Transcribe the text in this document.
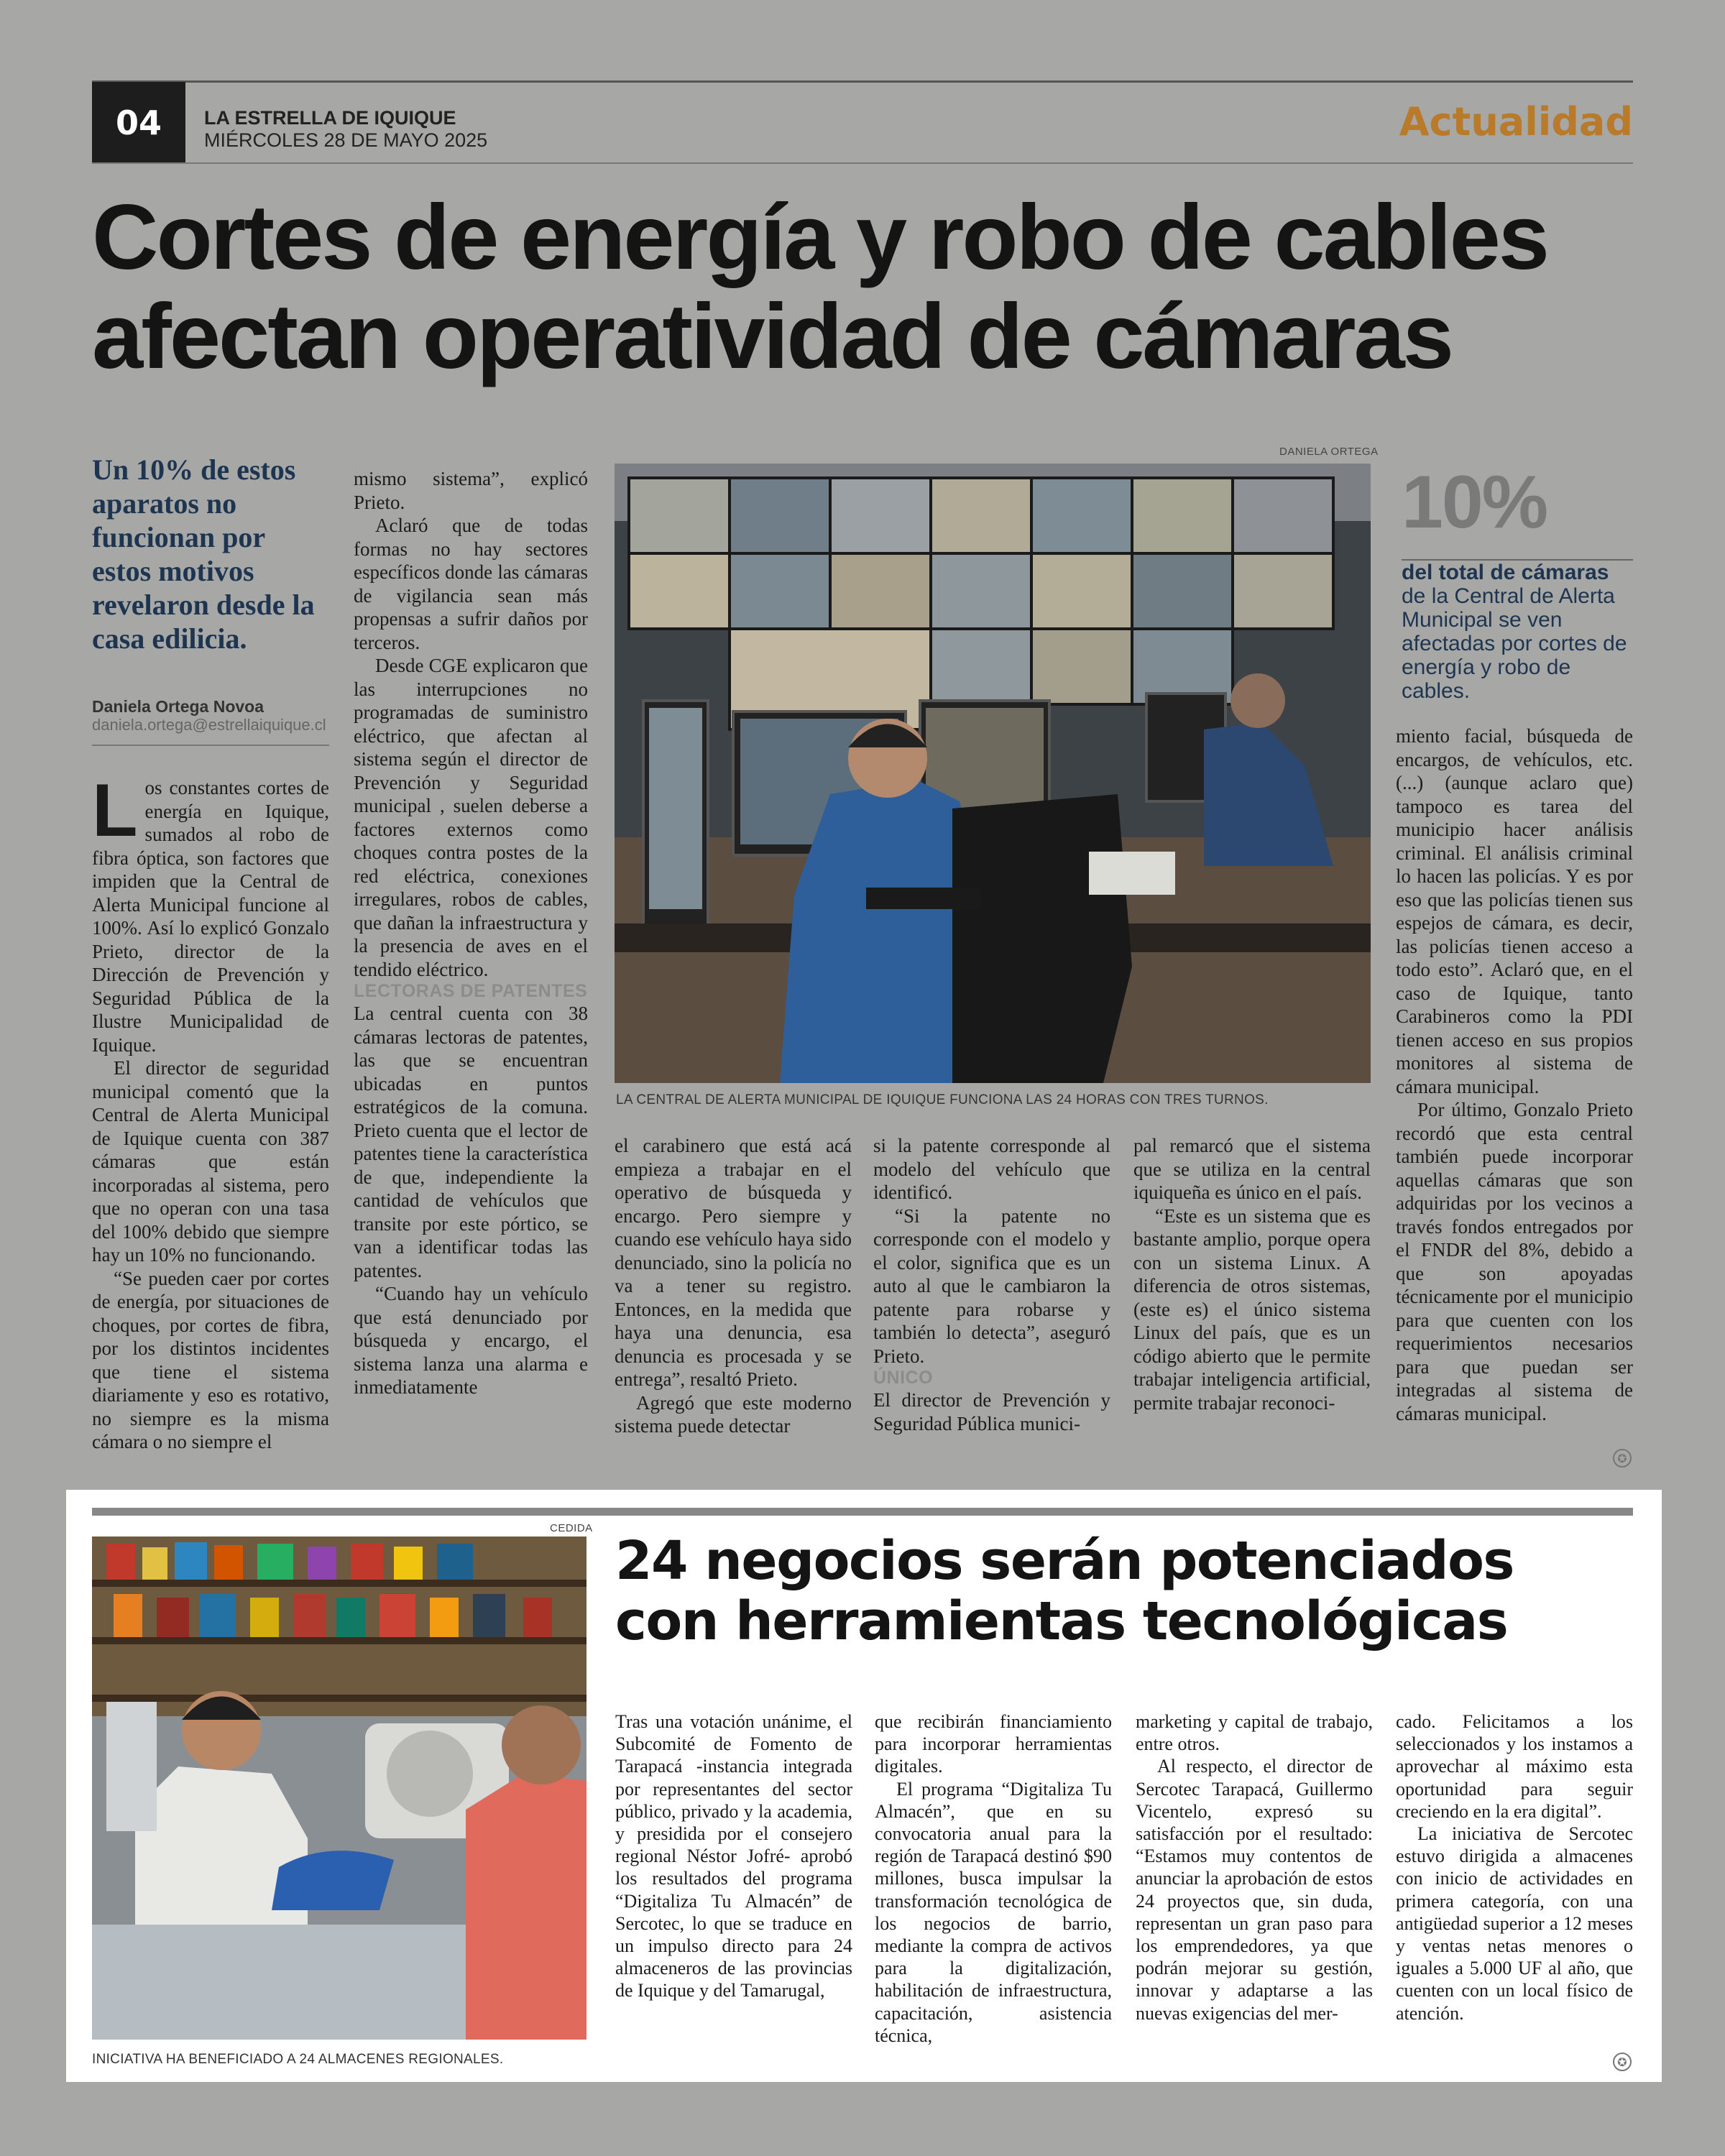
04	LA ESTRELLA DE IQUIQUE
MIÉRCOLES 28 DE MAYO 2025	Actualidad
Cortes de energía y robo de cables
afectan operatividad de cámaras
Un 10% de estos aparatos no funcionan por estos motivos revelaron desde la casa edilicia.
Daniela Ortega Novoa
daniela.ortega@estrellaiquique.cl

Los constantes cortes de energía en Iquique, sumados al robo de fibra óptica, son factores que impiden que la Central de Alerta Municipal funcione al 100%. Así lo explicó Gonzalo Prieto, director de la Dirección de Prevención y Seguridad Pública de la Ilustre Municipalidad de Iquique.

El director de seguridad municipal comentó que la Central de Alerta Municipal de Iquique cuenta con 387 cámaras que están incorporadas al sistema, pero que no operan con una tasa del 100% debido que siempre hay un 10% no funcionando.

“Se pueden caer por cortes de energía, por situaciones de choques, por cortes de fibra, por los distintos incidentes que tiene el sistema diariamente y eso es rotativo, no siempre es la misma cámara o no siempre el

mismo sistema”, explicó Prieto.

Aclaró que de todas formas no hay sectores específicos donde las cámaras de vigilancia sean más propensas a sufrir daños por terceros.

Desde CGE explicaron que las interrupciones no programadas de suministro eléctrico, que afectan al sistema según el director de Prevención y Seguridad municipal , suelen deberse a factores externos como choques contra postes de la red eléctrica, conexiones irregulares, robos de cables, que dañan la infraestructura y la presencia de aves en el tendido eléctrico.

LECTORAS DE PATENTES

La central cuenta con 38 cámaras lectoras de patentes, las que se encuentran ubicadas en puntos estratégicos de la comuna. Prieto cuenta que el lector de patentes tiene la característica de que, independiente la cantidad de vehículos que transite por este pórtico, se van a identificar todas las patentes.

“Cuando hay un vehículo que está denunciado por búsqueda y encargo, el sistema lanza una alarma e inmediatamente

DANIELA ORTEGA
LA CENTRAL DE ALERTA MUNICIPAL DE IQUIQUE FUNCIONA LAS 24 HORAS CON TRES TURNOS.
10%
del total de cámaras de la Central de Alerta Municipal se ven afectadas por cortes de energía y robo de cables.

el carabinero que está acá empieza a trabajar en el operativo de búsqueda y encargo. Pero siempre y cuando ese vehículo haya sido denunciado, sino la policía no va a tener su registro. Entonces, en la medida que haya una denuncia, esa denuncia es procesada y se entrega”, resaltó Prieto.

Agregó que este moderno sistema puede detectar

si la patente corresponde al modelo del vehículo que identificó.

“Si la patente no corresponde con el modelo y el color, significa que es un auto al que le cambiaron la patente para robarse y también lo detecta”, aseguró Prieto.

ÚNICO

El director de Prevención y Seguridad Pública munici-

pal remarcó que el sistema que se utiliza en la central iquiqueña es único en el país.

“Este es un sistema que es bastante amplio, porque opera con un sistema Linux. A diferencia de otros sistemas, (este es) el único sistema Linux del país, que es un código abierto que le permite trabajar inteligencia artificial, permite trabajar reconoci-

miento facial, búsqueda de encargos, de vehículos, etc. (...) (aunque aclaro que) tampoco es tarea del municipio hacer análisis criminal. El análisis criminal lo hacen las policías. Y es por eso que las policías tienen sus espejos de cámara, es decir, las policías tienen acceso a todo esto”. Aclaró que, en el caso de Iquique, tanto Carabineros como la PDI tienen acceso en sus propios monitores al sistema de cámara municipal.

Por último, Gonzalo Prieto recordó que esta central también puede incorporar aquellas cámaras que son adquiridas por los vecinos a través fondos entregados por el FNDR del 8%, debido a que son apoyadas técnicamente por el municipio para que cuenten con los requerimientos necesarios para que puedan ser integradas al sistema de cámaras municipal.

✪
CEDIDA
INICIATIVA HA BENEFICIADO A 24 ALMACENES REGIONALES.
24 negocios serán potenciados
con herramientas tecnológicas

Tras una votación unánime, el Subcomité de Fomento de Tarapacá -instancia integrada por representantes del sector público, privado y la academia, y presidida por el consejero regional Néstor Jofré- aprobó los resultados del programa “Digitaliza Tu Almacén” de Sercotec, lo que se traduce en un impulso directo para 24 almaceneros de las provincias de Iquique y del Tamarugal,

que recibirán financiamiento para incorporar herramientas digitales.

El programa “Digitaliza Tu Almacén”, que en su convocatoria anual para la región de Tarapacá destinó $90 millones, busca impulsar la transformación tecnológica de los negocios de barrio, mediante la compra de activos para la digitalización, habilitación de infraestructura, capacitación, asistencia técnica,

marketing y capital de trabajo, entre otros.

Al respecto, el director de Sercotec Tarapacá, Guillermo Vicentelo, expresó su satisfacción por el resultado: “Estamos muy contentos de anunciar la aprobación de estos 24 proyectos que, sin duda, representan un gran paso para los emprendedores, ya que podrán mejorar su gestión, innovar y adaptarse a las nuevas exigencias del mer-

cado. Felicitamos a los seleccionados y los instamos a aprovechar al máximo esta oportunidad para seguir creciendo en la era digital”.

La iniciativa de Sercotec estuvo dirigida a almacenes con inicio de actividades en primera categoría, con una antigüedad superior a 12 meses y ventas netas menores o iguales a 5.000 UF al año, que cuenten con un local físico de atención.

✪
